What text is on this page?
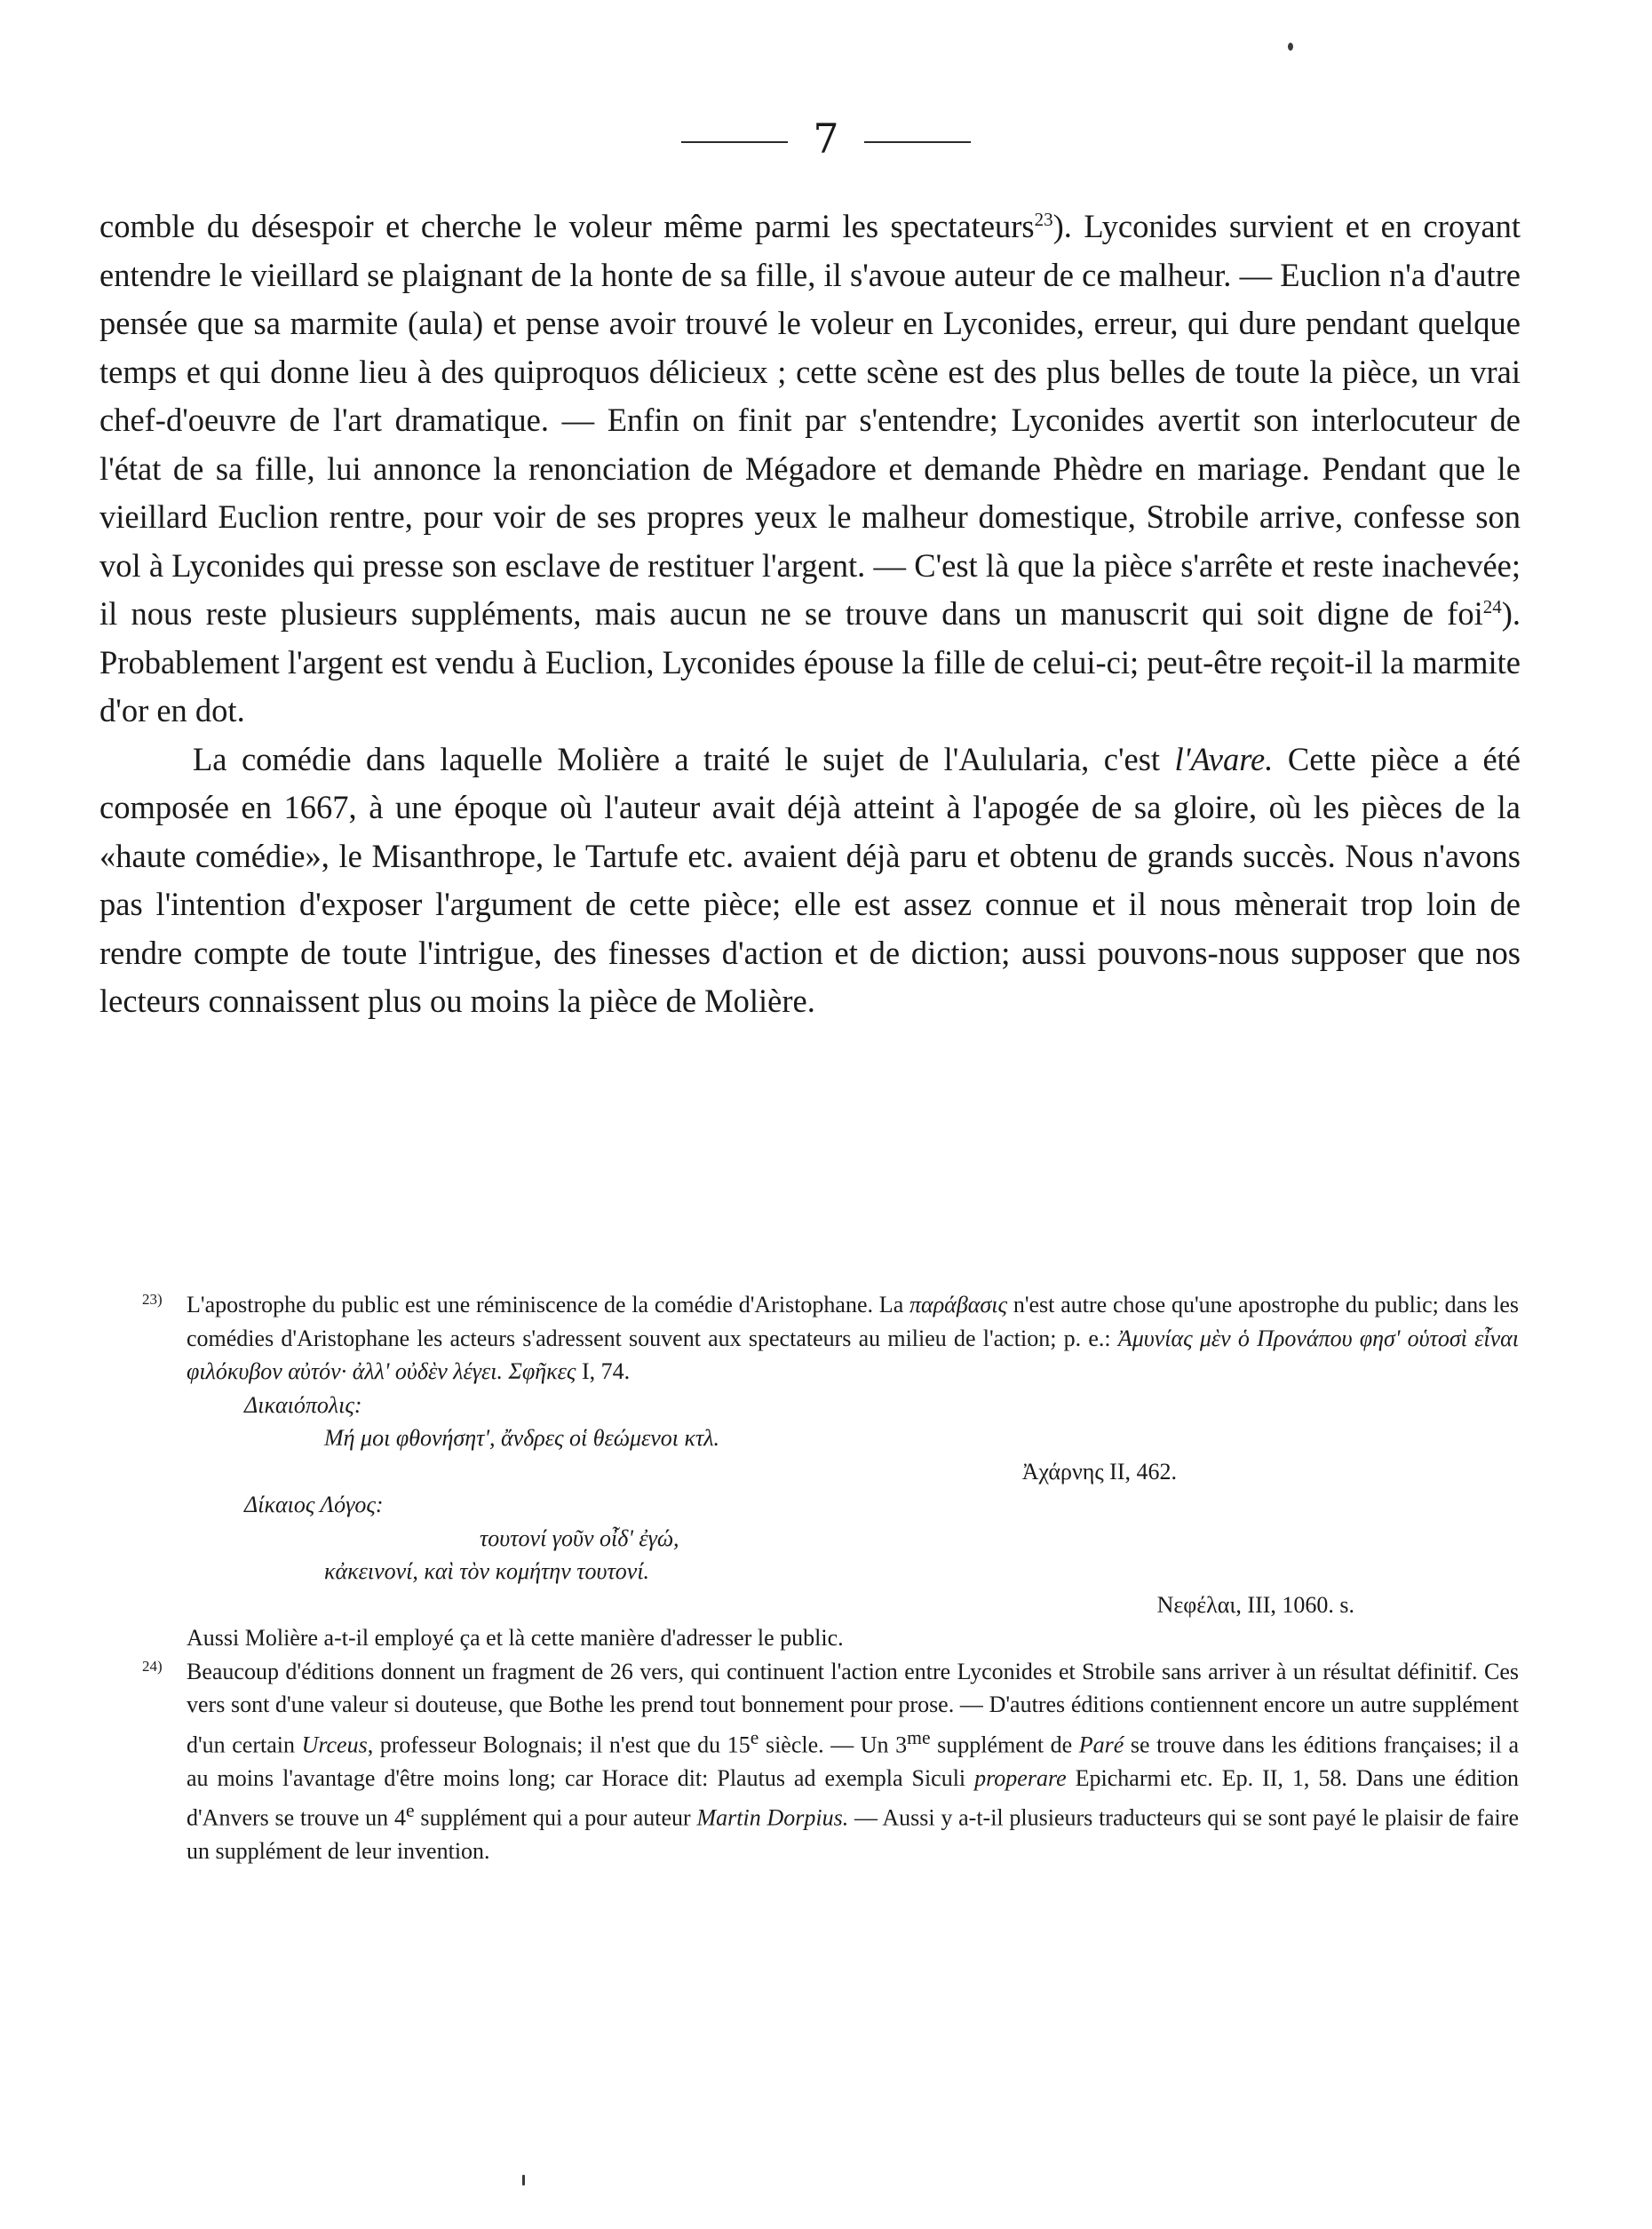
7

comble du désespoir et cherche le voleur même parmi les spectateurs$^{23}$). Lyconides survient et en croyant entendre le vieillard se plaignant de la honte de sa fille, il s'avoue auteur de ce malheur. — Euclion n'a d'autre pensée que sa marmite (aula) et pense avoir trouvé le voleur en Lyconides, erreur, qui dure pendant quelque temps et qui donne lieu à des quiproquos délicieux ; cette scène est des plus belles de toute la pièce, un vrai chef-d'oeuvre de l'art dramatique. — Enfin on finit par s'entendre; Lyconides avertit son interlocuteur de l'état de sa fille, lui annonce la renonciation de Mégadore et demande Phèdre en mariage. Pendant que le vieillard Euclion rentre, pour voir de ses propres yeux le malheur domestique, Strobile arrive, confesse son vol à Lyconides qui presse son esclave de restituer l'argent. — C'est là que la pièce s'arrête et reste inachevée; il nous reste plusieurs suppléments, mais aucun ne se trouve dans un manuscrit qui soit digne de foi$^{24}$). Probablement l'argent est vendu à Euclion, Lyconides épouse la fille de celui-ci; peut-être reçoit-il la marmite d'or en dot.

La comédie dans laquelle Molière a traité le sujet de l'Aulularia, c'est l'Avare. Cette pièce a été composée en 1667, à une époque où l'auteur avait déjà atteint à l'apogée de sa gloire, où les pièces de la «haute comédie», le Misanthrope, le Tartufe etc. avaient déjà paru et obtenu de grands succès. Nous n'avons pas l'intention d'exposer l'argument de cette pièce; elle est assez connue et il nous mènerait trop loin de rendre compte de toute l'intrigue, des finesses d'action et de diction; aussi pouvons-nous supposer que nos lecteurs connaissent plus ou moins la pièce de Molière.

23) L'apostrophe du public est une réminiscence de la comédie d'Aristophane. La παράβασις n'est autre chose qu'une apostrophe du public; dans les comédies d'Aristophane les acteurs s'adressent souvent aux spectateurs au milieu de l'action; p. e.: Ἀμυνίας μὲν ὁ Προνάπου φησ' οὑτοσὶ εἶναι φιλόκυβον αὐτόν· ἀλλ' οὐδὲν λέγει. Σφῆκες I, 74.

Δικαιόπολις:

Μή μοι φθονήσητ', ἄνδρες οἱ θεώμενοι κτλ.

Ἀχάρνης II, 462.

Δίκαιος Λόγος:

τουτονί γοῦν οἶδ' ἐγώ,

κἀκεινονί, καὶ τὸν κομήτην τουτονί.

Νεφέλαι, III, 1060. s.

Aussi Molière a-t-il employé ça et là cette manière d'adresser le public.

24) Beaucoup d'éditions donnent un fragment de 26 vers, qui continuent l'action entre Lyconides et Strobile sans arriver à un résultat définitif. Ces vers sont d'une valeur si douteuse, que Bothe les prend tout bonnement pour prose. — D'autres éditions contiennent encore un autre supplément d'un certain Urceus, professeur Bolognais; il n'est que du 15e siècle. — Un $3^{me}$ supplément de Paré se trouve dans les éditions françaises; il a au moins l'avantage d'être moins long; car Horace dit: Plautus ad exempla Siculi properare Epicharmi etc. Ep. II, 1, 58. Dans une édition d'Anvers se trouve un 4e supplément qui a pour auteur Martin Dorpius. — Aussi y a-t-il plusieurs traducteurs qui se sont payé le plaisir de faire un supplément de leur invention.
